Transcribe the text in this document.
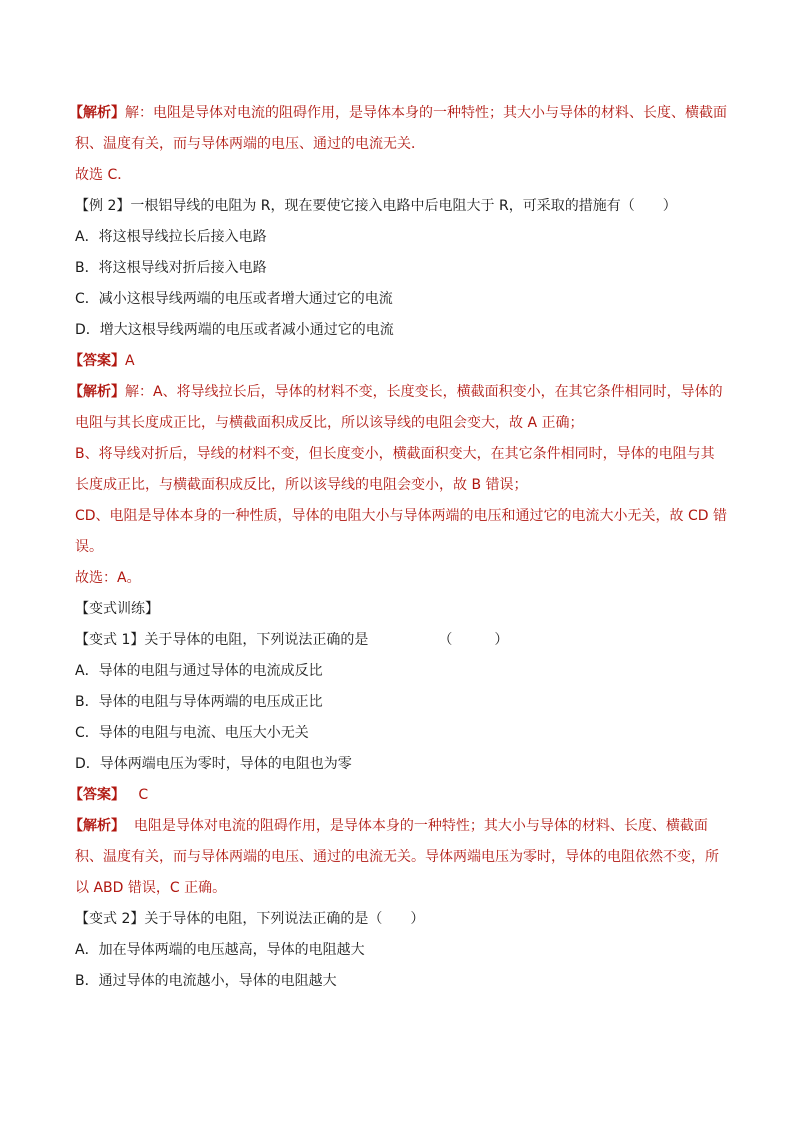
【解析】解：电阻是导体对电流的阻碍作用，是导体本身的一种特性；其大小与导体的材料、长度、横截面积、温度有关，而与导体两端的电压、通过的电流无关．

故选 C．

【例 2】一根铝导线的电阻为 R，现在要使它接入电路中后电阻大于 R，可采取的措施有（　　）

A．将这根导线拉长后接入电路

B．将这根导线对折后接入电路

C．减小这根导线两端的电压或者增大通过它的电流

D．增大这根导线两端的电压或者减小通过它的电流

【答案】A

【解析】解：A、将导线拉长后，导体的材料不变，长度变长，横截面积变小，在其它条件相同时，导体的电阻与其长度成正比，与横截面积成反比，所以该导线的电阻会变大，故 A 正确；

B、将导线对折后，导线的材料不变，但长度变小，横截面积变大，在其它条件相同时，导体的电阻与其长度成正比，与横截面积成反比，所以该导线的电阻会变小，故 B 错误；

CD、电阻是导体本身的一种性质，导体的电阻大小与导体两端的电压和通过它的电流大小无关，故 CD 错误。

故选：A。

【变式训练】

【变式 1】关于导体的电阻，下列说法正确的是	（　　　）

A．导体的电阻与通过导体的电流成反比

B．导体的电阻与导体两端的电压成正比

C．导体的电阻与电流、电压大小无关

D．导体两端电压为零时，导体的电阻也为零

【答案】 C

【解析】 电阻是导体对电流的阻碍作用，是导体本身的一种特性；其大小与导体的材料、长度、横截面积、温度有关，而与导体两端的电压、通过的电流无关。导体两端电压为零时，导体的电阻依然不变，所以 ABD 错误，C 正确。

【变式 2】关于导体的电阻，下列说法正确的是（　　）

A．加在导体两端的电压越高，导体的电阻越大

B．通过导体的电流越小，导体的电阻越大
